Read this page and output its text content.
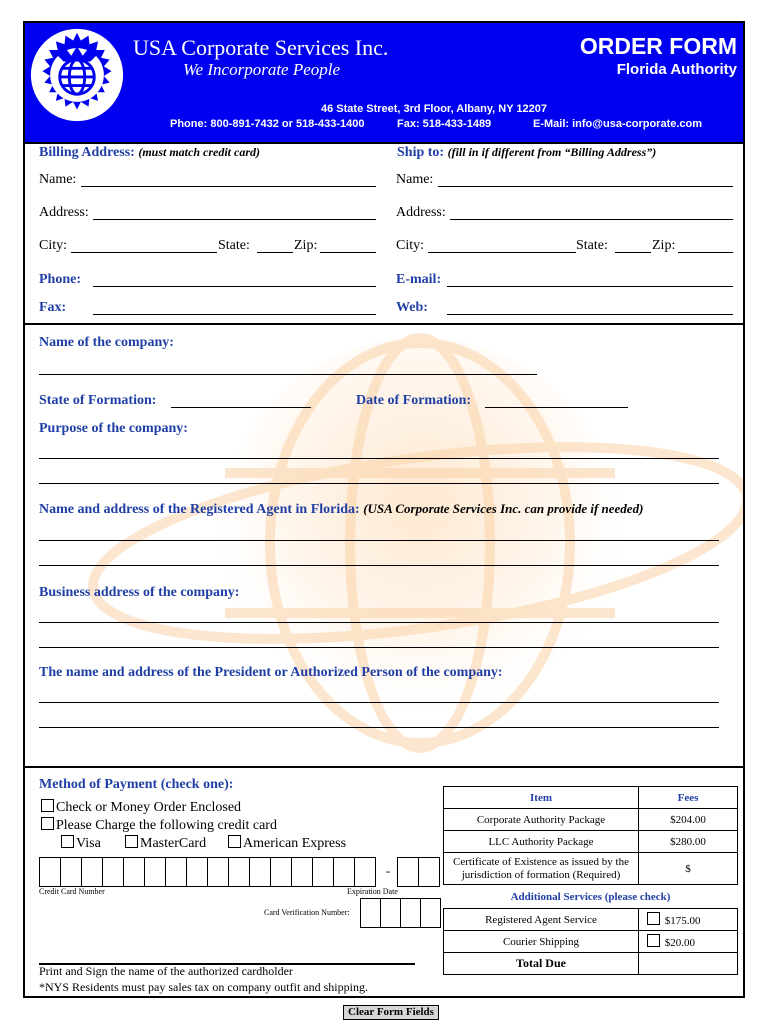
USA Corporate Services Inc.
We Incorporate People
ORDER FORM
Florida Authority
46 State Street, 3rd Floor, Albany, NY 12207
Phone: 800-891-7432 or 518-433-1400	Fax: 518-433-1489	E-Mail: info@usa-corporate.com
Billing Address: (must match credit card)	Ship to: (fill in if different from “Billing Address”)
Name:
Address:
City:	State:	Zip:
Phone:
Fax:
Name:
Address:
City:	State:	Zip:
E-mail:
Web:
Name of the company:
State of Formation:	Date of Formation:
Purpose of the company:
Name and address of the Registered Agent in Florida: (USA Corporate Services Inc. can provide if needed)
Business address of the company:
The name and address of the President or Authorized Person of the company:
Method of Payment (check one):
Check or Money Order Enclosed
Please Charge the following credit card
Visa	MasterCard	American Express
-
Credit Card Number	Expiration Date
Card Verification Number:
Print and Sign the name of the authorized cardholder
*NYS Residents must pay sales tax on company outfit and shipping.
Item	Fees
Corporate Authority Package	$204.00
LLC Authority Package	$280.00
Certificate of Existence as issued by the jurisdiction of formation (Required)	$
Additional Services (please check)	
Registered Agent Service	$175.00
Courier Shipping	$20.00
Total Due	
Clear Form Fields
